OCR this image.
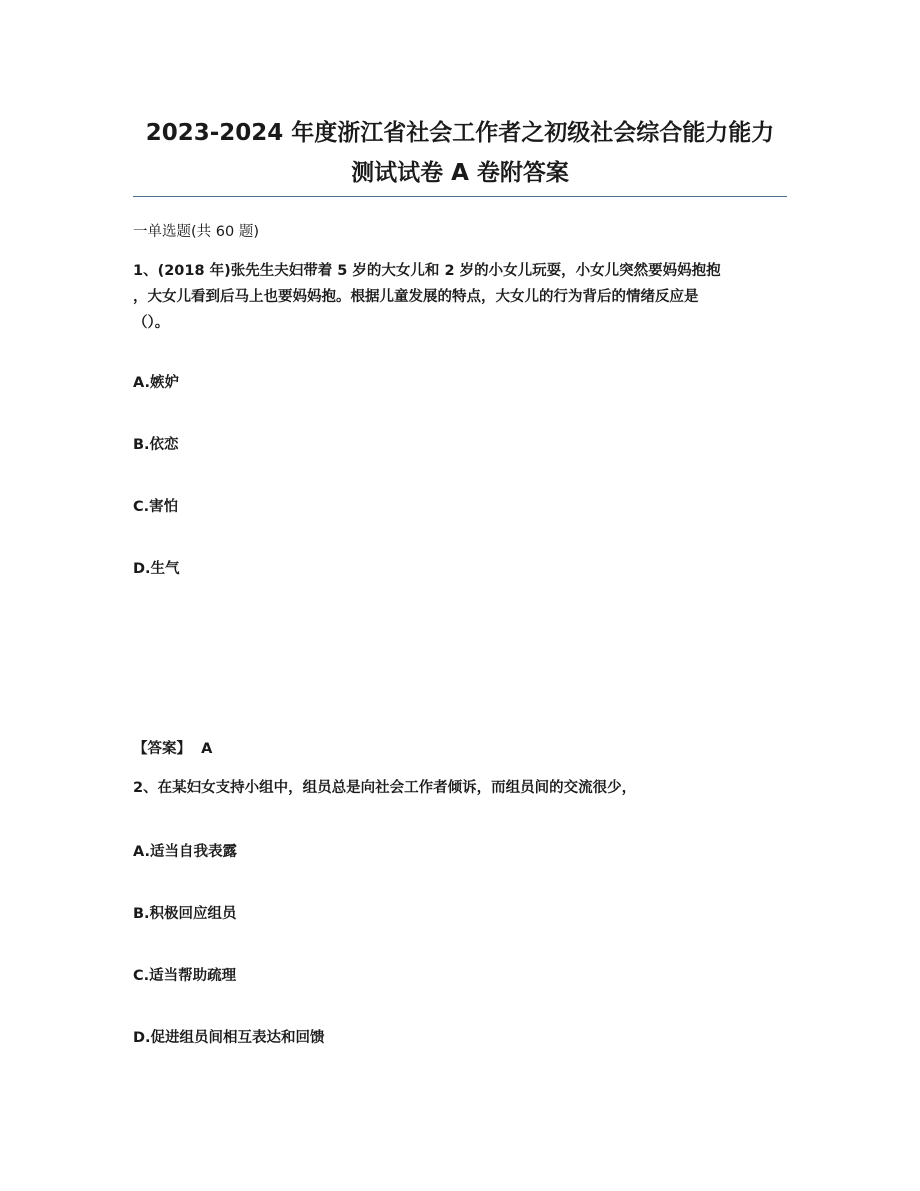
2023-2024 年度浙江省社会工作者之初级社会综合能力能力
测试试卷 A 卷附答案
一单选题(共 60 题)
1、(2018 年)张先生夫妇带着 5 岁的大女儿和 2 岁的小女儿玩耍，小女儿突然要妈妈抱抱
，大女儿看到后马上也要妈妈抱。根据儿童发展的特点，大女儿的行为背后的情绪反应是
（）。
A.嫉妒
B.依恋
C.害怕
D.生气
【答案】  A
2、在某妇女支持小组中，组员总是向社会工作者倾诉，而组员间的交流很少，
A.适当自我表露
B.积极回应组员
C.适当帮助疏理
D.促进组员间相互表达和回馈
